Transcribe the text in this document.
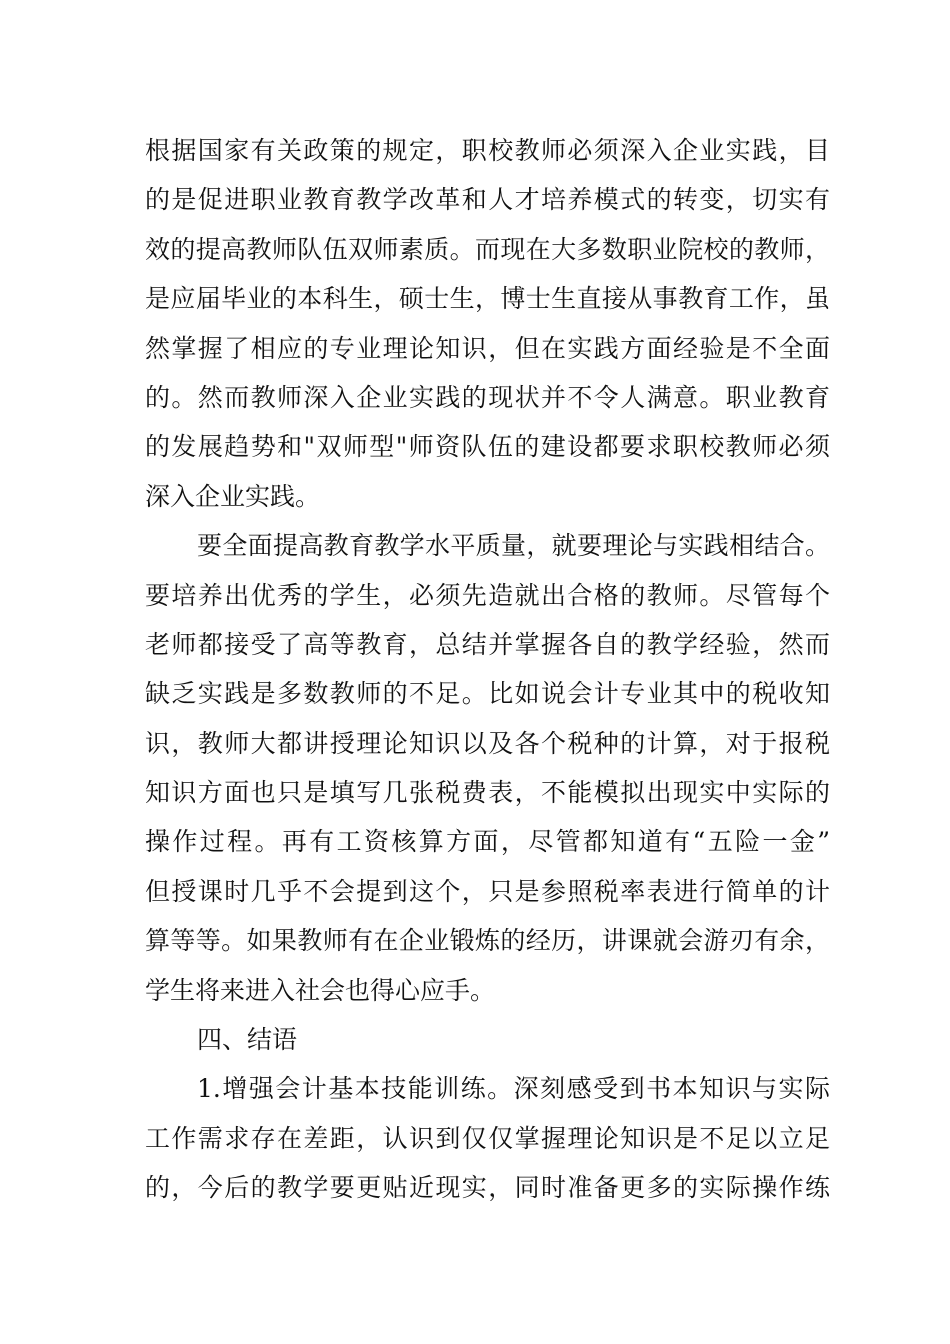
根据国家有关政策的规定，职校教师必须深入企业实践，目
的是促进职业教育教学改革和人才培养模式的转变，切实有
效的提高教师队伍双师素质。而现在大多数职业院校的教师，
是应届毕业的本科生，硕士生，博士生直接从事教育工作，虽
然掌握了相应的专业理论知识，但在实践方面经验是不全面
的。然而教师深入企业实践的现状并不令人满意。职业教育
的发展趋势和"双师型"师资队伍的建设都要求职校教师必须
深入企业实践。
要全面提高教育教学水平质量，就要理论与实践相结合。
要培养出优秀的学生，必须先造就出合格的教师。尽管每个
老师都接受了高等教育，总结并掌握各自的教学经验，然而
缺乏实践是多数教师的不足。比如说会计专业其中的税收知
识，教师大都讲授理论知识以及各个税种的计算，对于报税
知识方面也只是填写几张税费表，不能模拟出现实中实际的
操作过程。再有工资核算方面，尽管都知道有“五险一金”
但授课时几乎不会提到这个，只是参照税率表进行简单的计
算等等。如果教师有在企业锻炼的经历，讲课就会游刃有余，
学生将来进入社会也得心应手。
四、结语
1.增强会计基本技能训练。深刻感受到书本知识与实际
工作需求存在差距，认识到仅仅掌握理论知识是不足以立足
的，今后的教学要更贴近现实，同时准备更多的实际操作练
